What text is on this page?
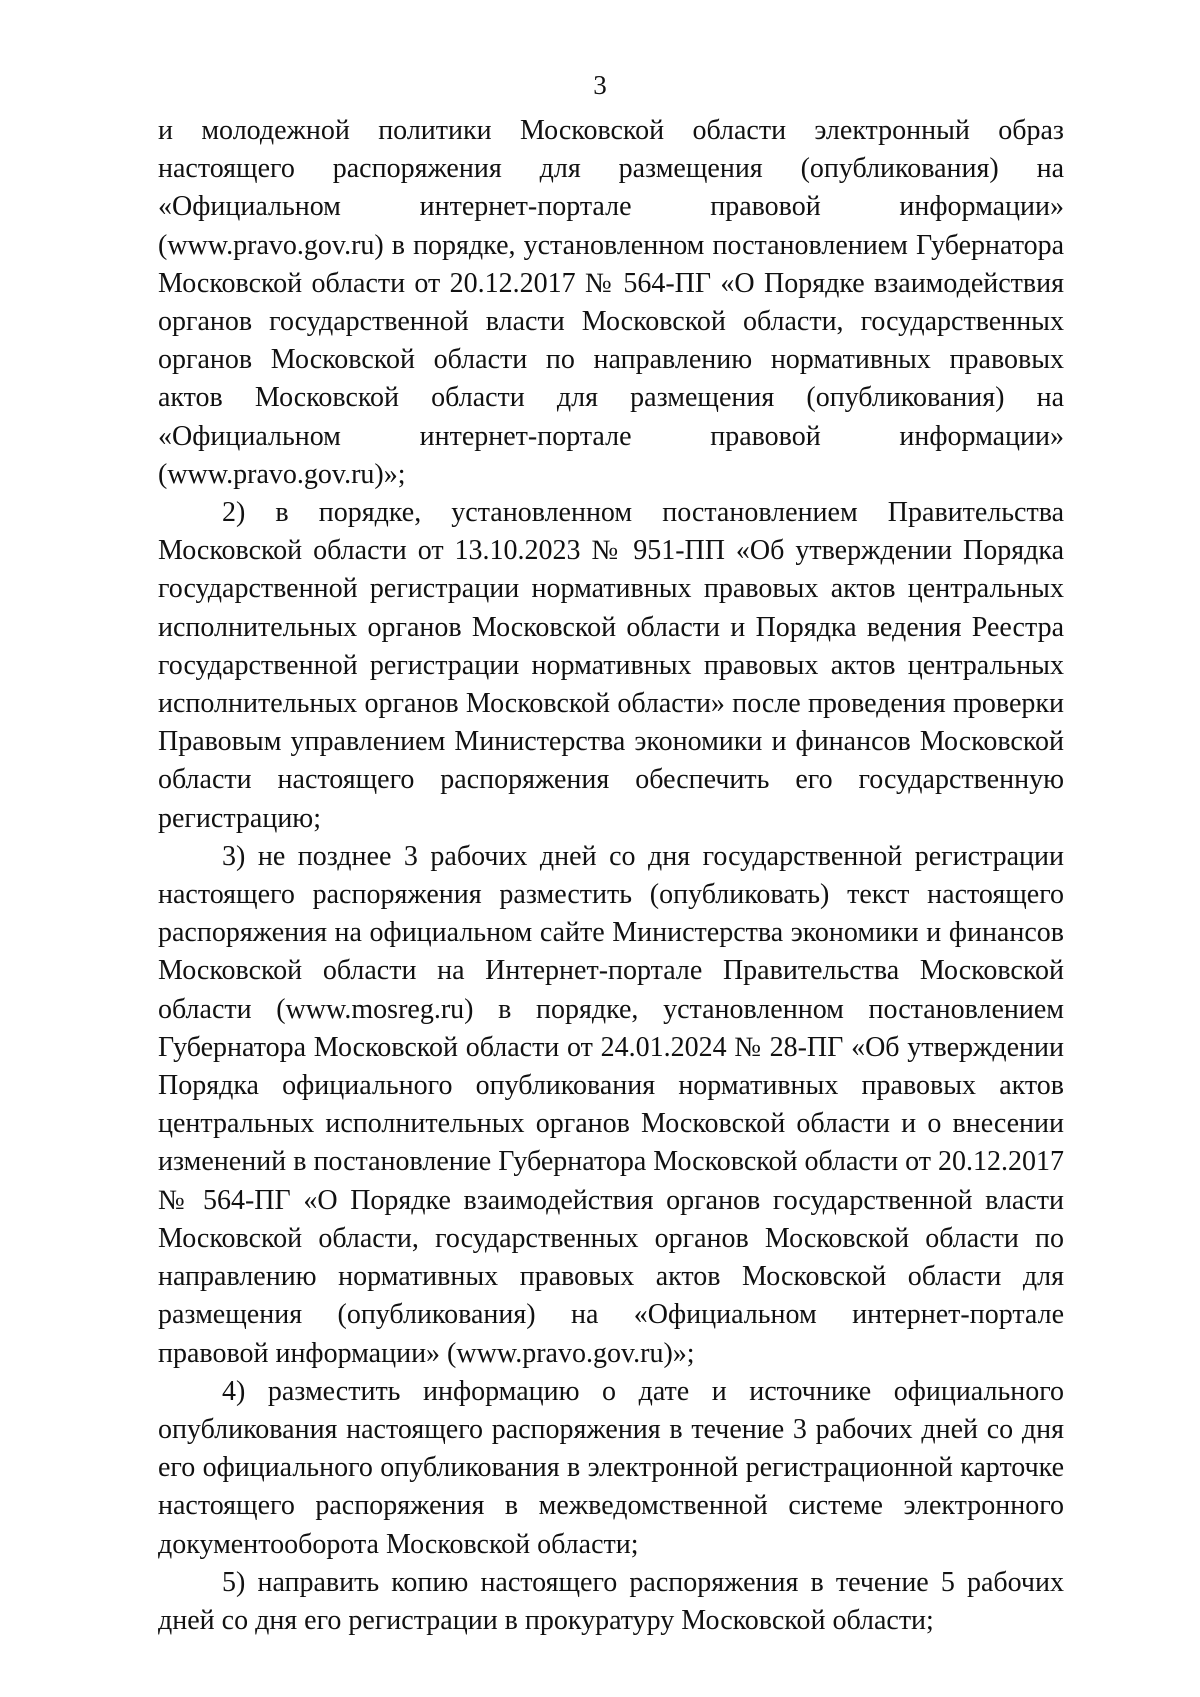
3

и молодежной политики Московской области электронный образ настоящего распоряжения для размещения (опубликования) на «Официальном интернет-портале правовой информации» (www.pravo.gov.ru) в порядке, установленном постановлением Губернатора Московской области от 20.12.2017 № 564-ПГ «О Порядке взаимодействия органов государственной власти Московской области, государственных органов Московской области по направлению нормативных правовых актов Московской области для размещения (опубликования) на «Официальном интернет-портале правовой информации» (www.pravo.gov.ru)»;

2) в порядке, установленном постановлением Правительства Московской области от 13.10.2023 № 951-ПП «Об утверждении Порядка государственной регистрации нормативных правовых актов центральных исполнительных органов Московской области и Порядка ведения Реестра государственной регистрации нормативных правовых актов центральных исполнительных органов Московской области» после проведения проверки Правовым управлением Министерства экономики и финансов Московской области настоящего распоряжения обеспечить его государственную регистрацию;

3) не позднее 3 рабочих дней со дня государственной регистрации настоящего распоряжения разместить (опубликовать) текст настоящего распоряжения на официальном сайте Министерства экономики и финансов Московской области на Интернет-портале Правительства Московской области (www.mosreg.ru) в порядке, установленном постановлением Губернатора Московской области от 24.01.2024 № 28-ПГ «Об утверждении Порядка официального опубликования нормативных правовых актов центральных исполнительных органов Московской области и о внесении изменений в постановление Губернатора Московской области от 20.12.2017 № 564-ПГ «О Порядке взаимодействия органов государственной власти Московской области, государственных органов Московской области по направлению нормативных правовых актов Московской области для размещения (опубликования) на «Официальном интернет-портале правовой информации» (www.pravo.gov.ru)»;

4) разместить информацию о дате и источнике официального опубликования настоящего распоряжения в течение 3 рабочих дней со дня его официального опубликования в электронной регистрационной карточке настоящего распоряжения в межведомственной системе электронного документооборота Московской области;

5) направить копию настоящего распоряжения в течение 5 рабочих дней со дня его регистрации в прокуратуру Московской области;
